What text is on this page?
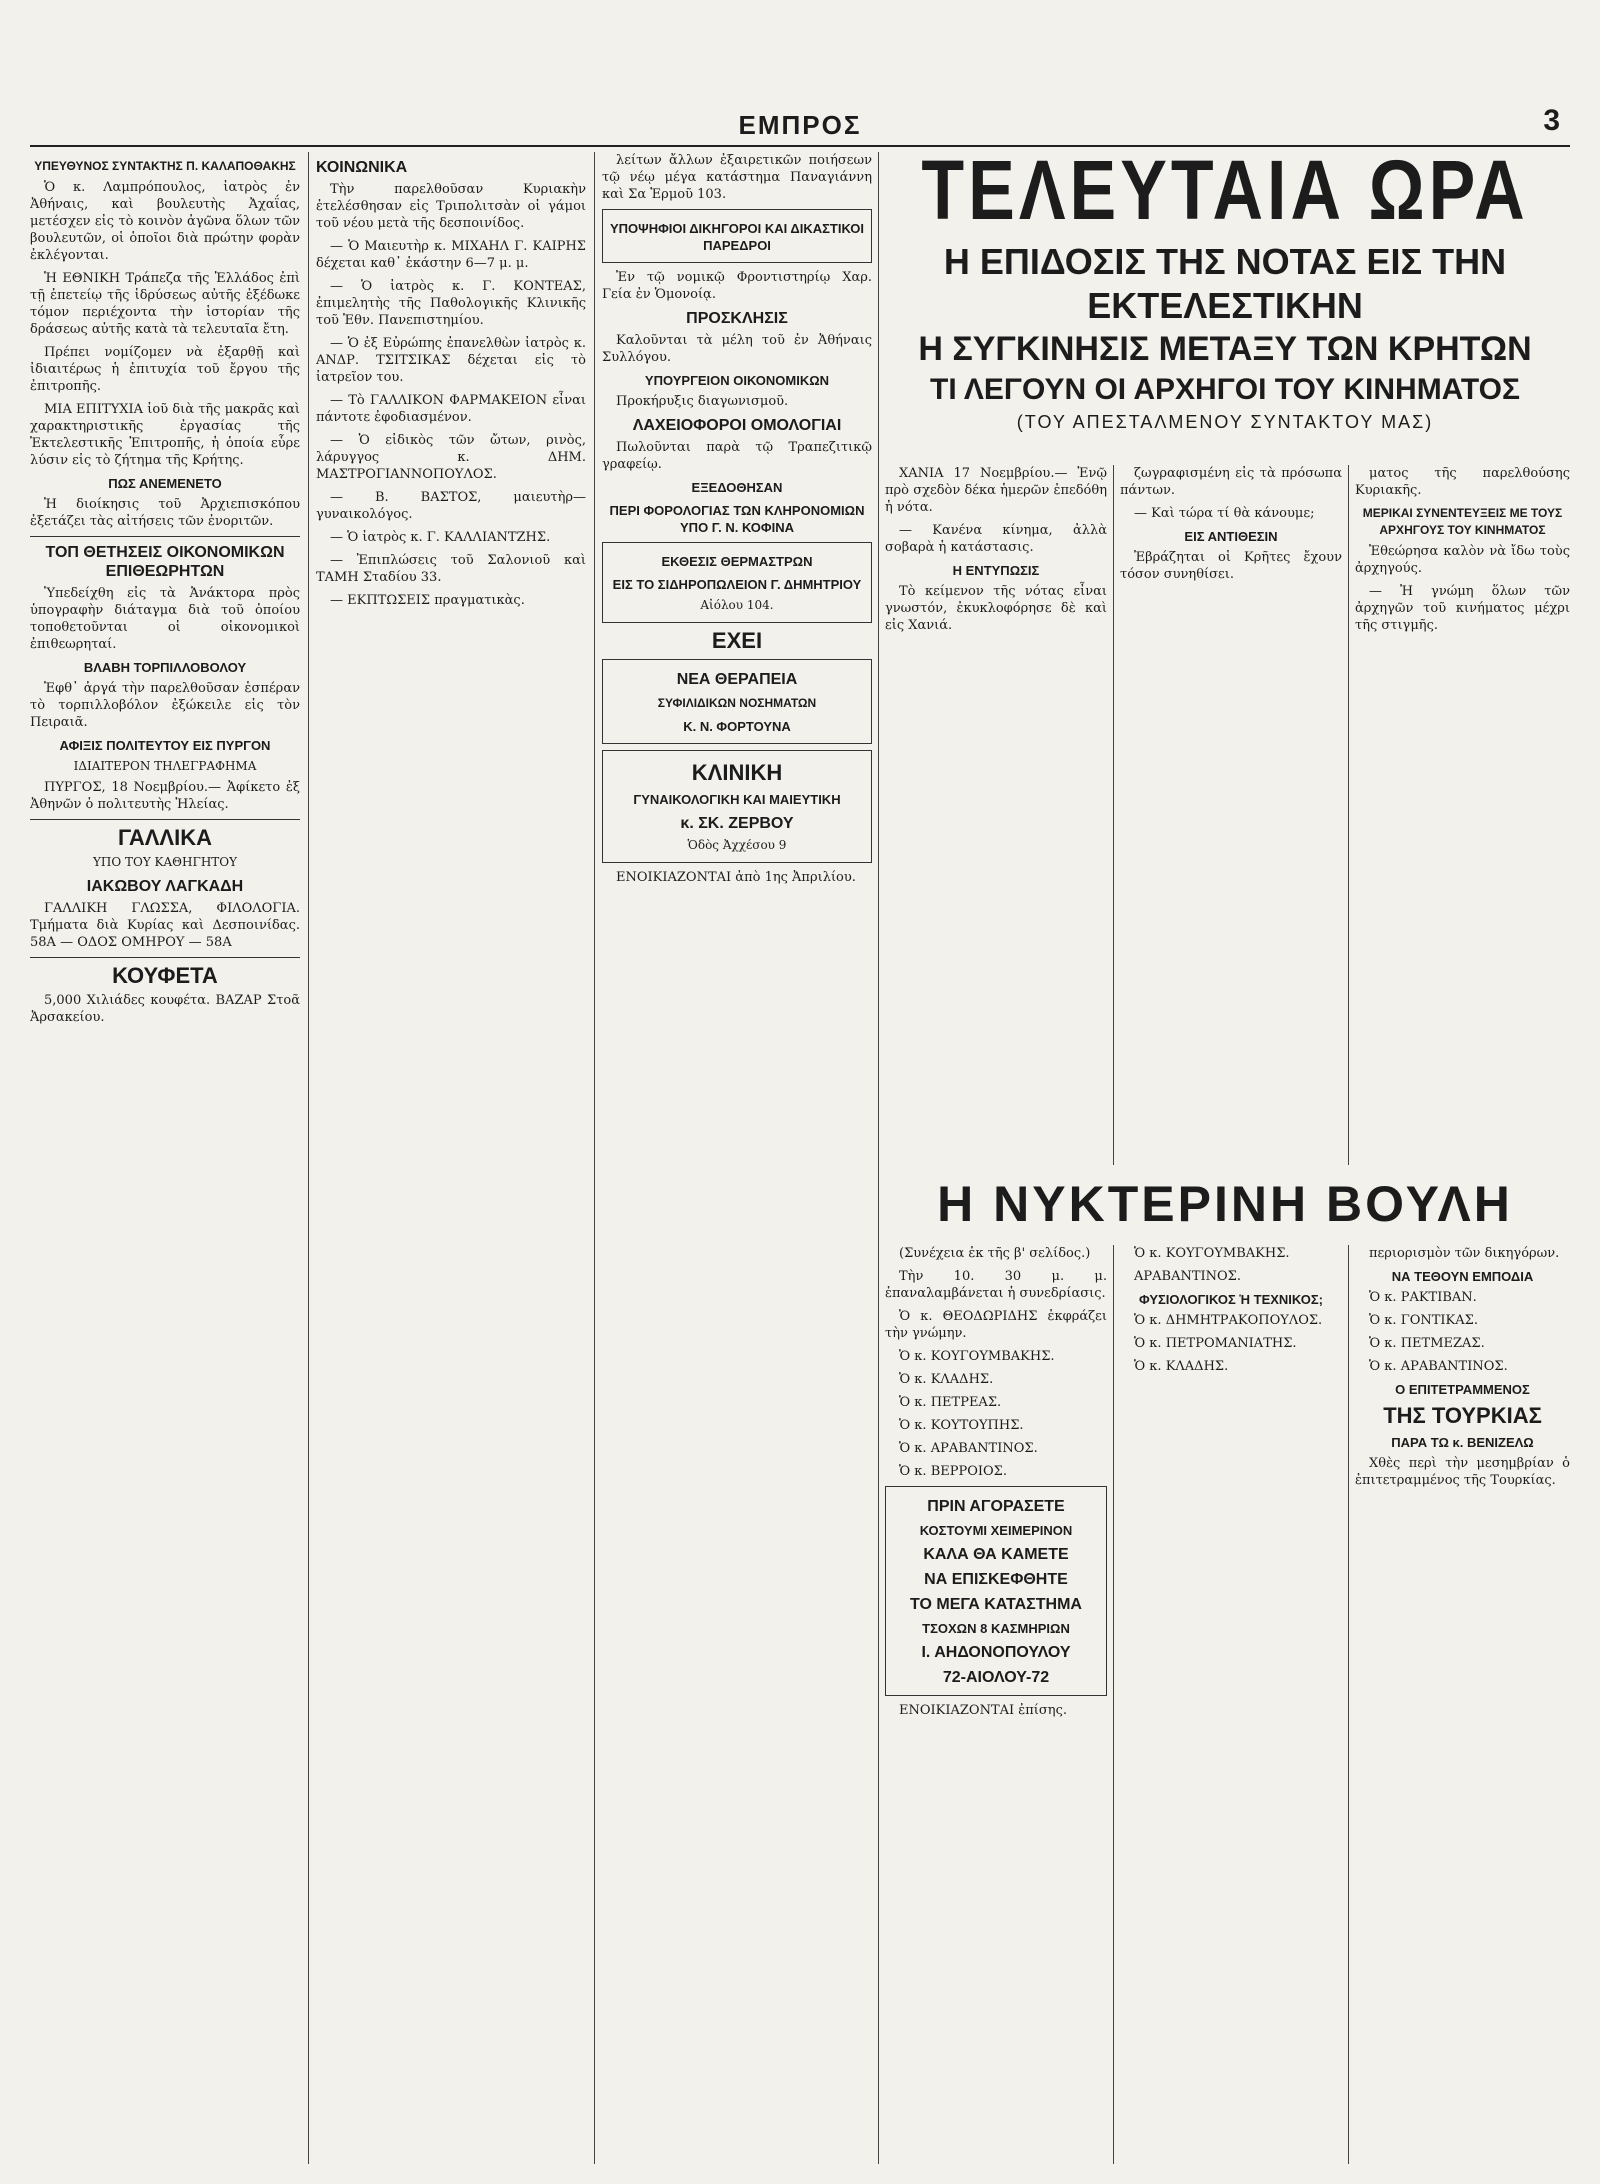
ΕΜΠΡΟΣ	3
ΥΠΕΥΘΥΝΟΣ ΣΥΝΤΑΚΤΗΣ Π. ΚΑΛΑΠΟΘΑΚΗΣ

Ὁ κ. Λαμπρόπουλος, ἰατρὸς ἐν Ἀθήναις, καὶ βουλευτὴς Ἀχαΐας, μετέσχεν εἰς τὸ κοινὸν ἀγῶνα ὅλων τῶν βουλευτῶν, οἱ ὁποῖοι διὰ πρώτην φορὰν ἐκλέγονται.

Ἡ ΕΘΝΙΚΗ Τράπεζα τῆς Ἑλλάδος ἐπὶ τῇ ἐπετείῳ τῆς ἱδρύσεως αὐτῆς ἐξέδωκε τόμον περιέχοντα τὴν ἱστορίαν τῆς δράσεως αὐτῆς κατὰ τὰ τελευταῖα ἔτη.

Πρέπει νομίζομεν νὰ ἐξαρθῇ καὶ ἰδιαιτέρως ἡ ἐπιτυχία τοῦ ἔργου τῆς ἐπιτροπῆς.

ΜΙΑ ΕΠΙΤΥΧΙΑ ἰοῦ διὰ τῆς μακρᾶς καὶ χαρακτηριστικῆς ἐργασίας τῆς Ἐκτελεστικῆς Ἐπιτροπῆς, ἡ ὁποία εὗρε λύσιν εἰς τὸ ζήτημα τῆς Κρήτης.

ΠΩΣ ΑΝΕΜΕΝΕΤΟ

Ἡ διοίκησις τοῦ Ἀρχιεπισκόπου ἐξετάζει τὰς αἰτήσεις τῶν ἐνοριτῶν.

ΤΟΠ ΘΕΤΗΣΕΙΣ ΟΙΚΟΝΟΜΙΚΩΝ ΕΠΙΘΕΩΡΗΤΩΝ

Ὑπεδείχθη εἰς τὰ Ἀνάκτορα πρὸς ὑπογραφὴν διάταγμα διὰ τοῦ ὁποίου τοποθετοῦνται οἱ οἰκονομικοὶ ἐπιθεωρηταί.

ΒΛΑΒΗ ΤΟΡΠΙΛΛΟΒΟΛΟΥ

Ἐφθ᾿ ἀργά τὴν παρελθοῦσαν ἑσπέραν τὸ τορπιλλοβόλον ἐξώκειλε εἰς τὸν Πειραιᾶ.

ΑΦΙΞΙΣ ΠΟΛΙΤΕΥΤΟΥ ΕΙΣ ΠΥΡΓΟΝ
ΙΔΙΑΙΤΕΡΟΝ ΤΗΛΕΓΡΑΦΗΜΑ

ΠΥΡΓΟΣ, 18 Νοεμβρίου.— Ἀφίκετο ἐξ Ἀθηνῶν ὁ πολιτευτὴς Ἠλείας.

ΓΑΛΛΙΚΑ
ΥΠΟ ΤΟΥ ΚΑΘΗΓΗΤΟΥ
ΙΑΚΩΒΟΥ ΛΑΓΚΑΔΗ

ΓΑΛΛΙΚΗ ΓΛΩΣΣΑ, ΦΙΛΟΛΟΓΙΑ. Τμήματα διὰ Κυρίας καὶ Δεσποινίδας. 58Α — ΟΔΟΣ ΟΜΗΡΟΥ — 58Α

ΚΟΥΦΕΤΑ

5,000 Χιλιάδες κουφέτα. ΒΑΖΑΡ Στοᾶ Ἀρσακείου.

ΚΟΙΝΩΝΙΚΑ

Τὴν παρελθοῦσαν Κυριακὴν ἐτελέσθησαν εἰς Τριπολιτσὰν οἱ γάμοι τοῦ νέου μετὰ τῆς δεσποινίδος.

— Ὁ Μαιευτὴρ κ. ΜΙΧΑΗΛ Γ. ΚΑΙΡΗΣ δέχεται καθ᾿ ἑκάστην 6—7 μ. μ.

— Ὁ ἰατρὸς κ. Γ. ΚΟΝΤΕΑΣ, ἐπιμελητὴς τῆς Παθολογικῆς Κλινικῆς τοῦ Ἐθν. Πανεπιστημίου.

— Ὁ ἐξ Εὐρώπης ἐπανελθὼν ἰατρὸς κ. ΑΝΔΡ. ΤΣΙΤΣΙΚΑΣ δέχεται εἰς τὸ ἰατρεῖον του.

— Τὸ ΓΑΛΛΙΚΟΝ ΦΑΡΜΑΚΕΙΟΝ εἶναι πάντοτε ἐφοδιασμένον.

— Ὁ εἰδικὸς τῶν ὤτων, ρινὸς, λάρυγγος κ. ΔΗΜ. ΜΑΣΤΡΟΓΙΑΝΝΟΠΟΥΛΟΣ.

— Β. ΒΑΣΤΟΣ, μαιευτὴρ—γυναικολόγος.

— Ὁ ἰατρὸς κ. Γ. ΚΑΛΛΙΑΝΤΖΗΣ.

— Ἐπιπλώσεις τοῦ Σαλονιοῦ καὶ ΤΑΜΗ Σταδίου 33.

— ΕΚΠΤΩΣΕΙΣ πραγματικὰς.

λείτων ἄλλων ἐξαιρετικῶν ποιήσεων τῷ νέῳ μέγα κατάστημα Παναγιάννη καὶ Σα Ἑρμοῦ 103.

ΥΠΟΨΗΦΙΟΙ ΔΙΚΗΓΟΡΟΙ ΚΑΙ ΔΙΚΑΣΤΙΚΟΙ ΠΑΡΕΔΡΟΙ

Ἐν τῷ νομικῷ Φροντιστηρίῳ Χαρ. Γεία ἐν Ὁμονοίᾳ.

ΠΡΟΣΚΛΗΣΙΣ

Καλοῦνται τὰ μέλη τοῦ ἐν Ἀθήναις Συλλόγου.

ΥΠΟΥΡΓΕΙΟΝ ΟΙΚΟΝΟΜΙΚΩΝ

Προκήρυξις διαγωνισμοῦ.

ΛΑΧΕΙΟΦΟΡΟΙ ΟΜΟΛΟΓΙΑΙ

Πωλοῦνται παρὰ τῷ Τραπεζιτικῷ γραφείῳ.

ΕΞΕΔΟΘΗΣΑΝ
ΠΕΡΙ ΦΟΡΟΛΟΓΙΑΣ ΤΩΝ ΚΛΗΡΟΝΟΜΙΩΝ ΥΠΟ Γ. Ν. ΚΟΦΙΝΑ
ΕΚΘΕΣΙΣ ΘΕΡΜΑΣΤΡΩΝ
ΕΙΣ ΤΟ ΣΙΔΗΡΟΠΩΛΕΙΟΝ Γ. ΔΗΜΗΤΡΙΟΥ
Αἰόλου 104.
ΕΧΕΙ
ΝΕΑ ΘΕΡΑΠΕΙΑ
ΣΥΦΙΛΙΔΙΚΩΝ ΝΟΣΗΜΑΤΩΝ
Κ. Ν. ΦΟΡΤΟΥΝΑ
ΚΛΙΝΙΚΗ
ΓΥΝΑΙΚΟΛΟΓΙΚΗ ΚΑΙ ΜΑΙΕΥΤΙΚΗ
κ. ΣΚ. ΖΕΡΒΟΥ
Ὁδὸς Ἀχχέσου 9

ΕΝΟΙΚΙΑΖΟΝΤΑΙ ἀπὸ 1ης Ἀπριλίου.

ΤΕΛΕΥΤΑΙΑ ΩΡΑ
Η ΕΠΙΔΟΣΙΣ ΤΗΣ ΝΟΤΑΣ ΕΙΣ ΤΗΝ ΕΚΤΕΛΕΣΤΙΚΗΝ
Η ΣΥΓΚΙΝΗΣΙΣ ΜΕΤΑΞΥ ΤΩΝ ΚΡΗΤΩΝ
ΤΙ ΛΕΓΟΥΝ ΟΙ ΑΡΧΗΓΟΙ ΤΟΥ ΚΙΝΗΜΑΤΟΣ
(ΤΟΥ ΑΠΕΣΤΑΛΜΕΝΟΥ ΣΥΝΤΑΚΤΟΥ ΜΑΣ)

ΧΑΝΙΑ 17 Νοεμβρίου.— Ἐνῷ πρὸ σχεδὸν δέκα ἡμερῶν ἐπεδόθη ἡ νότα.

— Κανένα κίνημα, ἀλλὰ σοβαρὰ ἡ κατάστασις.

Η ΕΝΤΥΠΩΣΙΣ

Τὸ κείμενον τῆς νότας εἶναι γνωστόν, ἐκυκλοφόρησε δὲ καὶ εἰς Χανιά.

ζωγραφισμένη εἰς τὰ πρόσωπα πάντων.

— Καὶ τώρα τί θὰ κάνουμε;

ΕΙΣ ΑΝΤΙΘΕΣΙΝ

Ἐβράζηται οἱ Κρῆτες ἔχουν τόσον συνηθίσει.

ματος τῆς παρελθούσης Κυριακῆς.

ΜΕΡΙΚΑΙ ΣΥΝΕΝΤΕΥΞΕΙΣ ΜΕ ΤΟΥΣ ΑΡΧΗΓΟΥΣ ΤΟΥ ΚΙΝΗΜΑΤΟΣ

Ἐθεώρησα καλὸν νὰ ἴδω τοὺς ἀρχηγούς.

— Ἡ γνώμη ὅλων τῶν ἀρχηγῶν τοῦ κινήματος μέχρι τῆς στιγμῆς.

Η ΝΥΚΤΕΡΙΝΗ ΒΟΥΛΗ

(Συνέχεια ἐκ τῆς β' σελίδος.)

Τὴν 10. 30 μ. μ. ἐπαναλαμβάνεται ἡ συνεδρίασις.

Ὁ κ. ΘΕΟΔΩΡΙΔΗΣ ἐκφράζει τὴν γνώμην.

Ὁ κ. ΚΟΥΓΟΥΜΒΑΚΗΣ.

Ὁ κ. ΚΛΑΔΗΣ.

Ὁ κ. ΠΕΤΡΕΑΣ.

Ὁ κ. ΚΟΥΤΟΥΠΗΣ.

Ὁ κ. ΑΡΑΒΑΝΤΙΝΟΣ.

Ὁ κ. ΒΕΡΡΟΙΟΣ.

ΠΡΙΝ ΑΓΟΡΑΣΕΤΕ
ΚΟΣΤΟΥΜΙ ΧΕΙΜΕΡΙΝΟΝ
ΚΑΛΑ ΘΑ ΚΑΜΕΤΕ
ΝΑ ΕΠΙΣΚΕΦΘΗΤΕ
ΤΟ ΜΕΓΑ ΚΑΤΑΣΤΗΜΑ
ΤΣΟΧΩΝ 8 ΚΑΣΜΗΡΙΩΝ
Ι. ΑΗΔΟΝΟΠΟΥΛΟΥ
72-ΑΙΟΛΟΥ-72

ΕΝΟΙΚΙΑΖΟΝΤΑΙ ἐπίσης.

Ὁ κ. ΚΟΥΓΟΥΜΒΑΚΗΣ.

ΑΡΑΒΑΝΤΙΝΟΣ.

ΦΥΣΙΟΛΟΓΙΚΟΣ Ἡ ΤΕΧΝΙΚΟΣ;

Ὁ κ. ΔΗΜΗΤΡΑΚΟΠΟΥΛΟΣ.

Ὁ κ. ΠΕΤΡΟΜΑΝΙΑΤΗΣ.

Ὁ κ. ΚΛΑΔΗΣ.

περιορισμὸν τῶν δικηγόρων.

ΝΑ ΤΕΘΟΥΝ ΕΜΠΟΔΙΑ

Ὁ κ. ΡΑΚΤΙΒΑΝ.

Ὁ κ. ΓΟΝΤΙΚΑΣ.

Ὁ κ. ΠΕΤΜΕΖΑΣ.

Ὁ κ. ΑΡΑΒΑΝΤΙΝΟΣ.

Ο ΕΠΙΤΕΤΡΑΜΜΕΝΟΣ
ΤΗΣ ΤΟΥΡΚΙΑΣ
ΠΑΡΑ ΤΩ κ. ΒΕΝΙΖΕΛΩ

Χθὲς περὶ τὴν μεσημβρίαν ὁ ἐπιτετραμμένος τῆς Τουρκίας.
